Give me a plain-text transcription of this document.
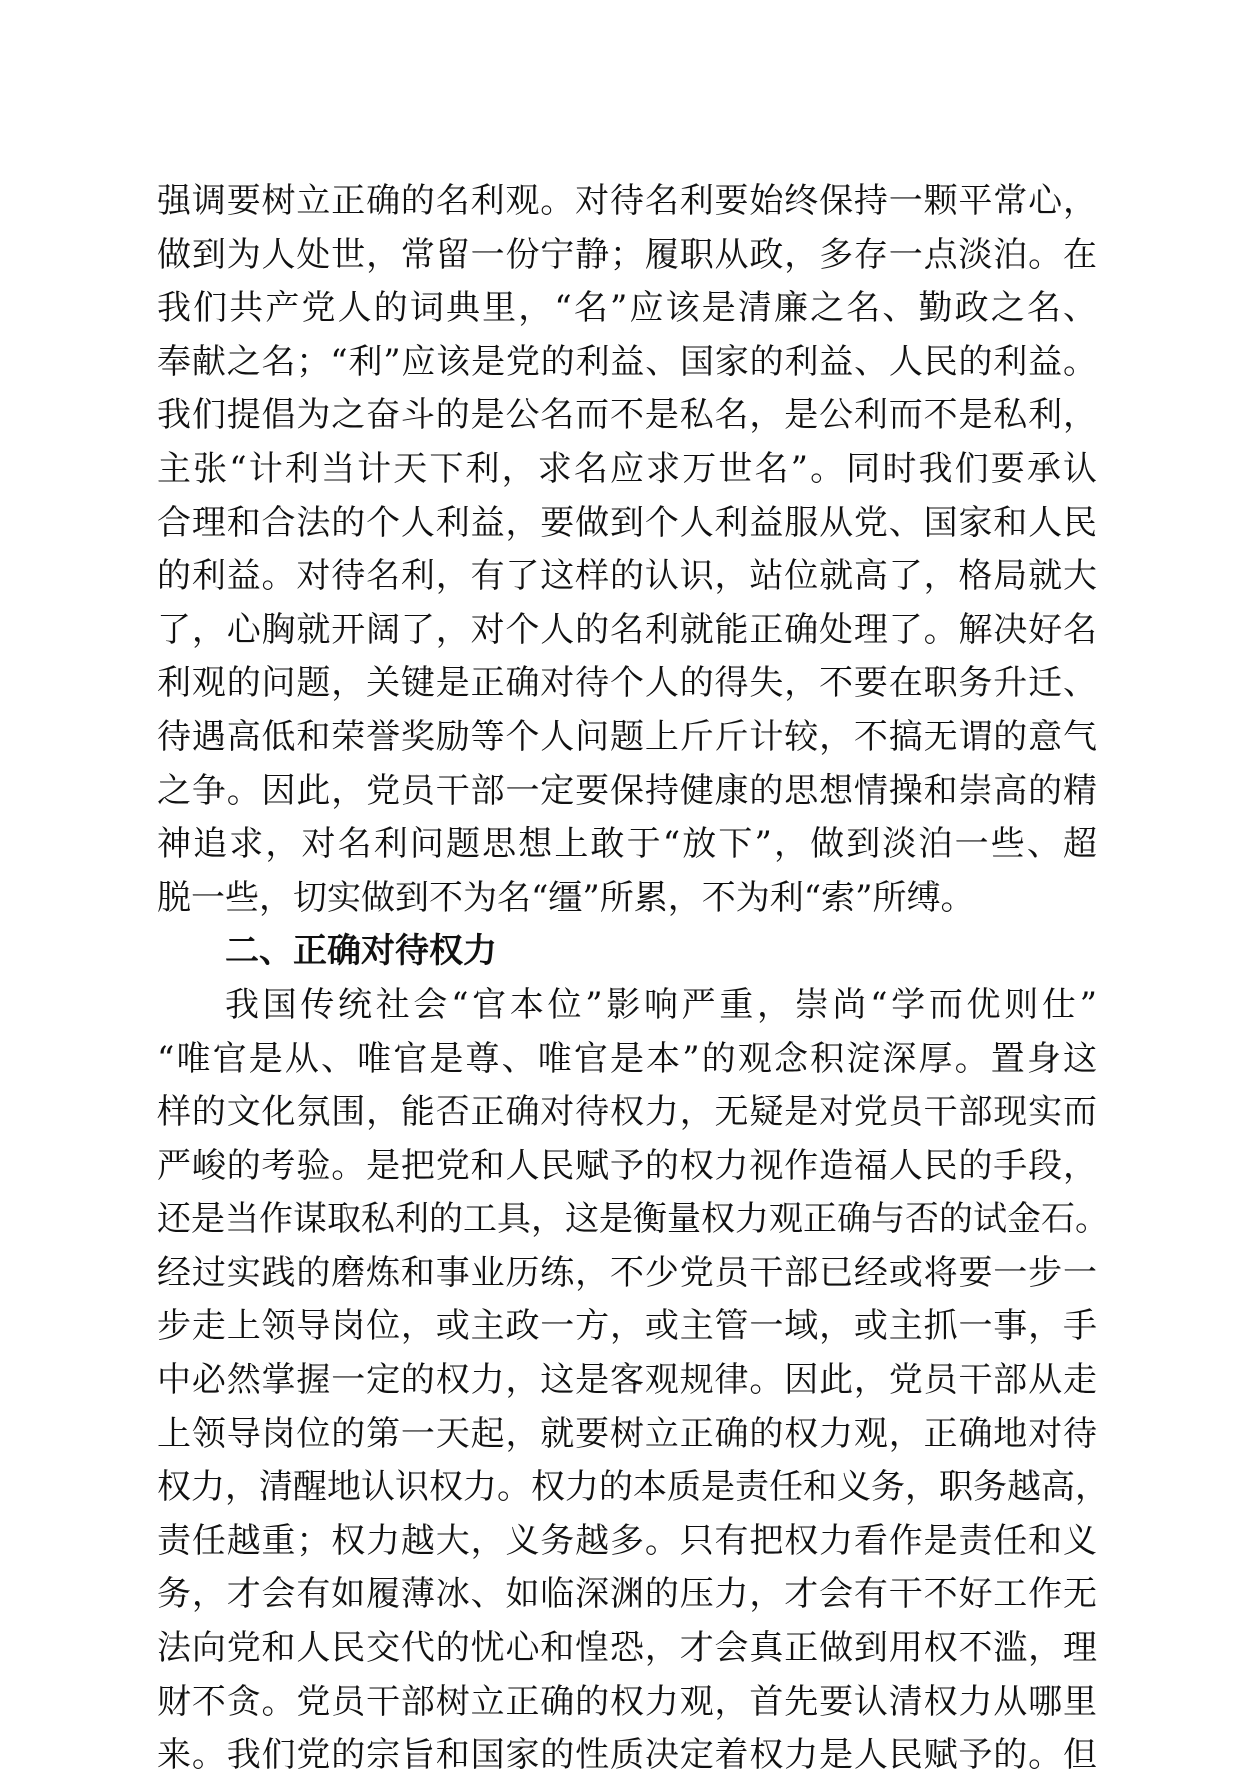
强调要树立正确的名利观。对待名利要始终保持一颗平常心，
做到为人处世，常留一份宁静；履职从政，多存一点淡泊。在
我们共产党人的词典里，“名”应该是清廉之名、勤政之名、
奉献之名；“利”应该是党的利益、国家的利益、人民的利益。
我们提倡为之奋斗的是公名而不是私名，是公利而不是私利，
主张“计利当计天下利，求名应求万世名”。同时我们要承认
合理和合法的个人利益，要做到个人利益服从党、国家和人民
的利益。对待名利，有了这样的认识，站位就高了，格局就大
了，心胸就开阔了，对个人的名利就能正确处理了。解决好名
利观的问题，关键是正确对待个人的得失，不要在职务升迁、
待遇高低和荣誉奖励等个人问题上斤斤计较，不搞无谓的意气
之争。因此，党员干部一定要保持健康的思想情操和崇高的精
神追求，对名利问题思想上敢于“放下”，做到淡泊一些、超
脱一些，切实做到不为名“缰”所累，不为利“索”所缚。
二、正确对待权力
我国传统社会“官本位”影响严重，崇尚“学而优则仕”
“唯官是从、唯官是尊、唯官是本”的观念积淀深厚。置身这
样的文化氛围，能否正确对待权力，无疑是对党员干部现实而
严峻的考验。是把党和人民赋予的权力视作造福人民的手段，
还是当作谋取私利的工具，这是衡量权力观正确与否的试金石。
经过实践的磨炼和事业历练，不少党员干部已经或将要一步一
步走上领导岗位，或主政一方，或主管一域，或主抓一事，手
中必然掌握一定的权力，这是客观规律。因此，党员干部从走
上领导岗位的第一天起，就要树立正确的权力观，正确地对待
权力，清醒地认识权力。权力的本质是责任和义务，职务越高，
责任越重；权力越大，义务越多。只有把权力看作是责任和义
务，才会有如履薄冰、如临深渊的压力，才会有干不好工作无
法向党和人民交代的忧心和惶恐，才会真正做到用权不滥，理
财不贪。党员干部树立正确的权力观，首先要认清权力从哪里
来。我们党的宗旨和国家的性质决定着权力是人民赋予的。但
